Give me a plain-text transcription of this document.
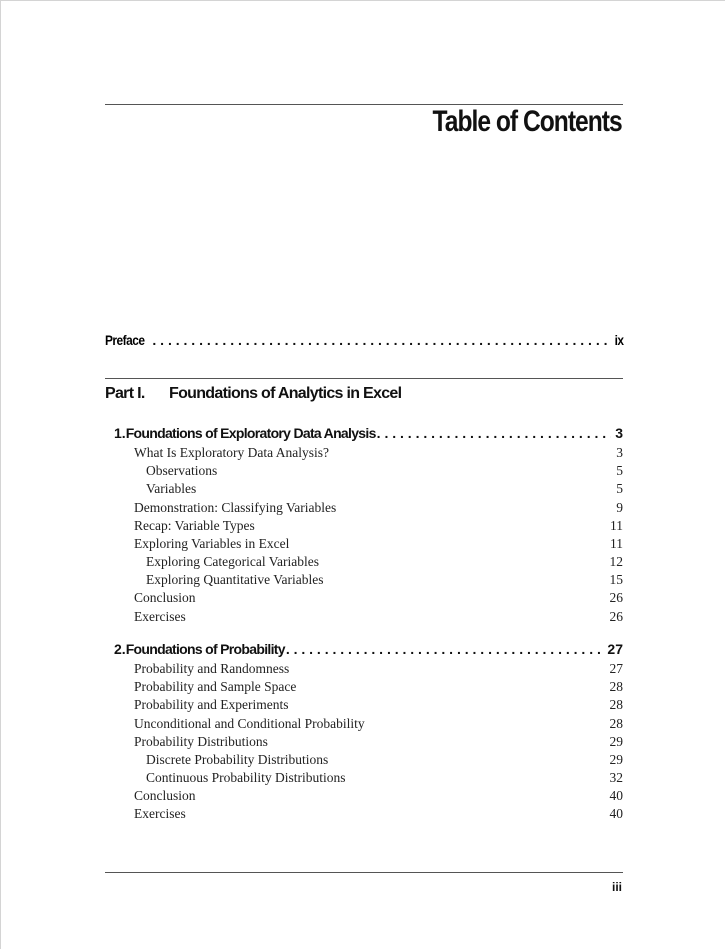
Table of Contents
Preface . . .	ix
Part I. Foundations of Analytics in Excel
1. Foundations of Exploratory Data Analysis . . .	3
What Is Exploratory Data Analysis?	3
Observations	5
Variables	5
Demonstration: Classifying Variables	9
Recap: Variable Types	11
Exploring Variables in Excel	11
Exploring Categorical Variables	12
Exploring Quantitative Variables	15
Conclusion	26
Exercises	26
2. Foundations of Probability . . .	27
Probability and Randomness	27
Probability and Sample Space	28
Probability and Experiments	28
Unconditional and Conditional Probability	28
Probability Distributions	29
Discrete Probability Distributions	29
Continuous Probability Distributions	32
Conclusion	40
Exercises	40
iii
